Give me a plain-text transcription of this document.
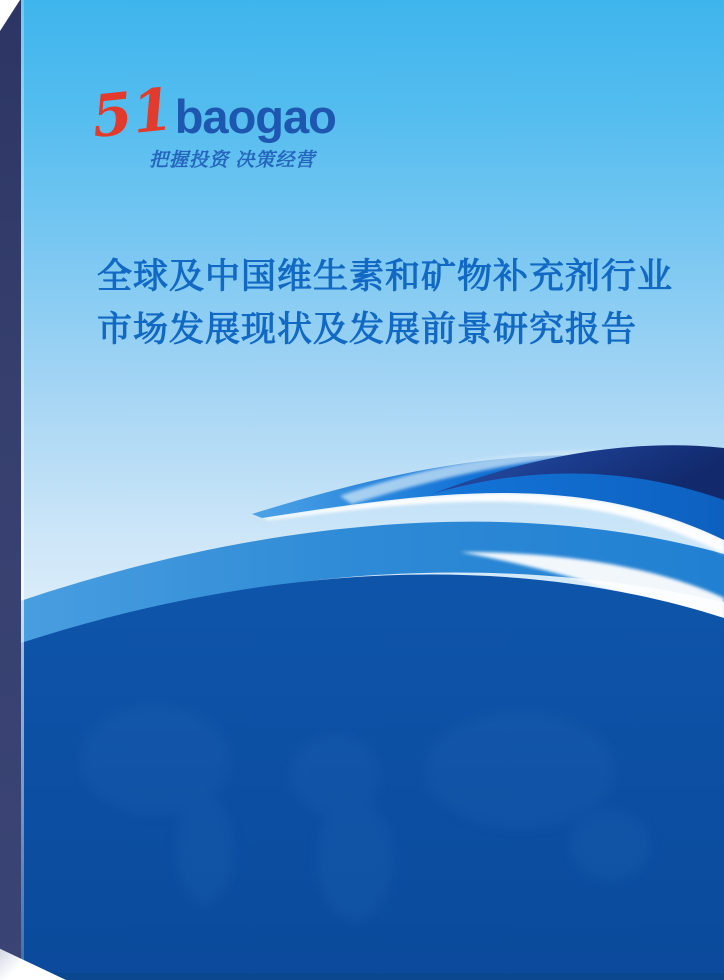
51
baogao
把握投资 决策经营
全球及中国维生素和矿物补充剂行业
市场发展现状及发展前景研究报告
